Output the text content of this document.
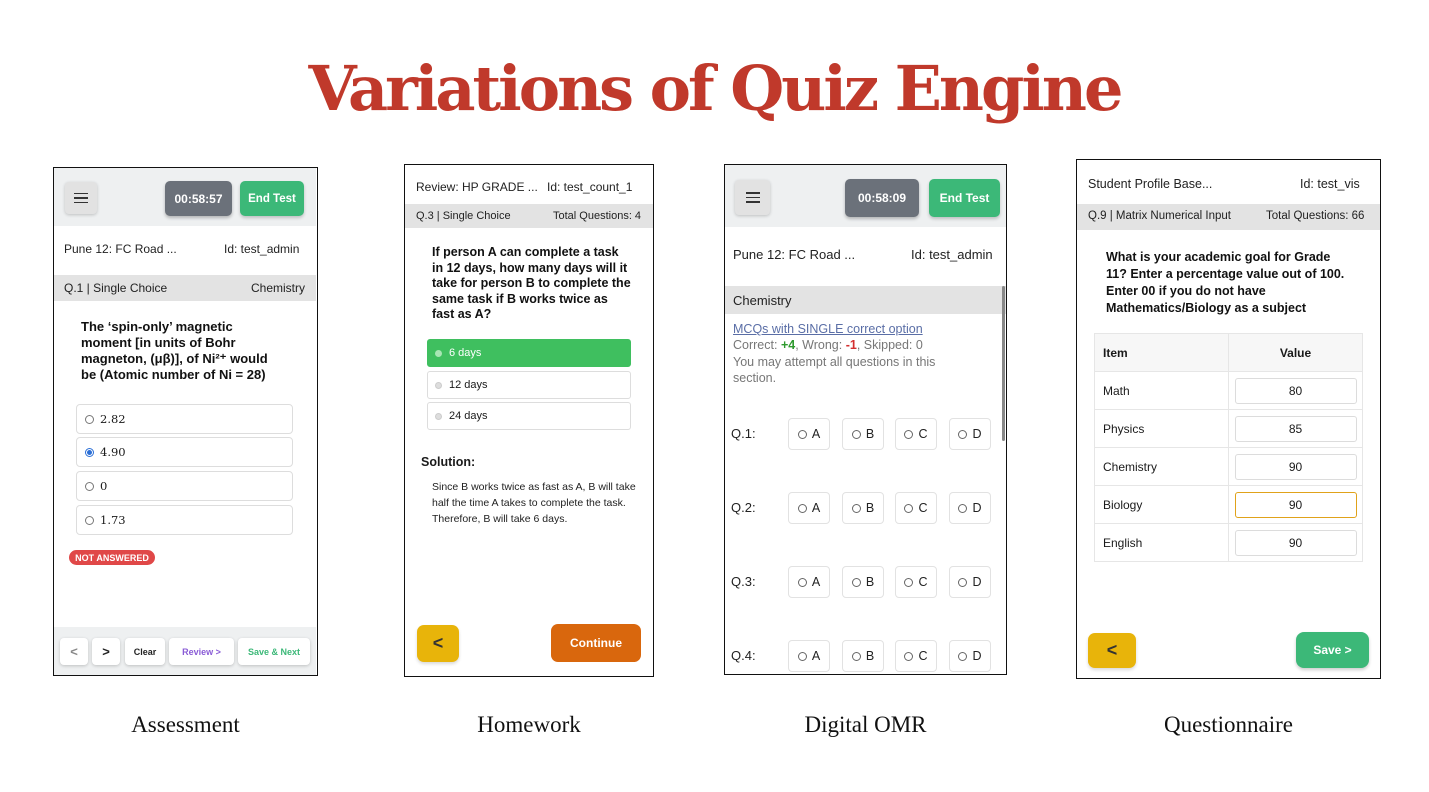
Variations of Quiz Engine
00:58:57	End Test
Pune 12: FC Road ...	Id: test_admin
Q.1 | Single Choice	Chemistry
The ‘spin-only’ magnetic moment [in units of Bohr magneton, (μβ)], of Ni²⁺ would be (Atomic number of Ni = 28)
2.82
4.90
0
1.73
NOT ANSWERED
<	>	Clear	Review >	Save & Next
Assessment
Review: HP GRADE ... Id: test_count_1
Q.3 | Single Choice	Total Questions: 4
If person A can complete a task in 12 days, how many days will it take for person B to complete the same task if B works twice as fast as A?
6 days
12 days
24 days
Solution:
Since B works twice as fast as A, B will take half the time A takes to complete the task. Therefore, B will take 6 days.
<	Continue
Homework
00:58:09	End Test
Pune 12: FC Road ...	Id: test_admin
Chemistry
MCQs with SINGLE correct option
Correct: +4, Wrong: -1, Skipped: 0
You may attempt all questions in this section.
Q.1:	A	B	C	D
Q.2:	A	B	C	D
Q.3:	A	B	C	D
Q.4:	A	B	C	D
Digital OMR
Student Profile Base...	Id: test_vis
Q.9 | Matrix Numerical Input	Total Questions: 66
What is your academic goal for Grade 11? Enter a percentage value out of 100. Enter 00 if you do not have Mathematics/Biology as a subject
Item	Value
Math	80

Physics	85

Chemistry	90

Biology	90

English	90
<	Save >
Questionnaire
